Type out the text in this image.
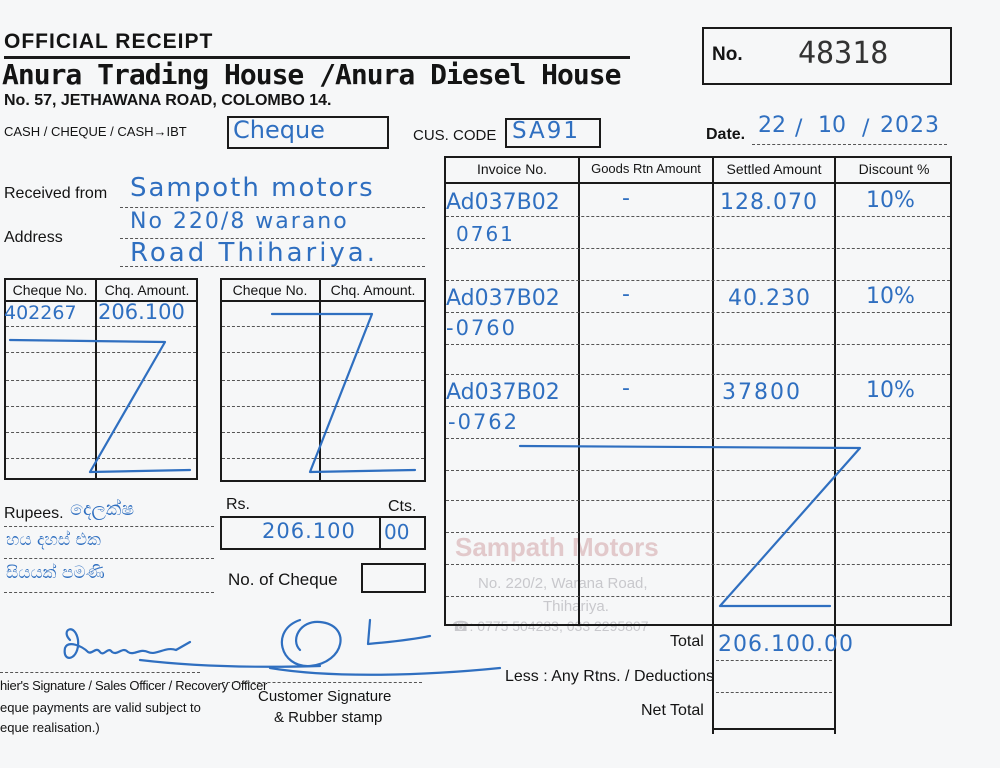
OFFICIAL RECEIPT
Anura Trading House /Anura Diesel House
No. 57, JETHAWANA ROAD, COLOMBO 14.
No. 48318
CASH / CHEQUE / CASH→IBT Cheque	CUS. CODE SA91	Date. 22 10 2023
/	/
Received from Sampoth motors
Address
No 220/8 warano
Road Thihariya.
Cheque No.	Chq. Amount.
402267 206.100
Cheque No.	Chq. Amount.
Rupees. දෙලක්ෂ
හය දහස් එක
සියයක් පමණි
Rs.	Cts.
206.100 00
No. of Cheque
Sampath Motors
No. 220/2, Warana Road,
Thihariya.
☎: 0775 504283, 033 2295807
Invoice No.	Goods Rtn Amount	Settled Amount	Discount %
Ad037B02
0761
-	128.070 10%
Ad037B02
-0760
-	40.230	10%
Ad037B02
-0762
-	37800	10%
Total 206.100.00
Less : Any Rtns. / Deductions
Net Total
hier's Signature / Sales Officer / Recovery Officer
eque payments are valid subject to
eque realisation.)
Customer Signature
& Rubber stamp
